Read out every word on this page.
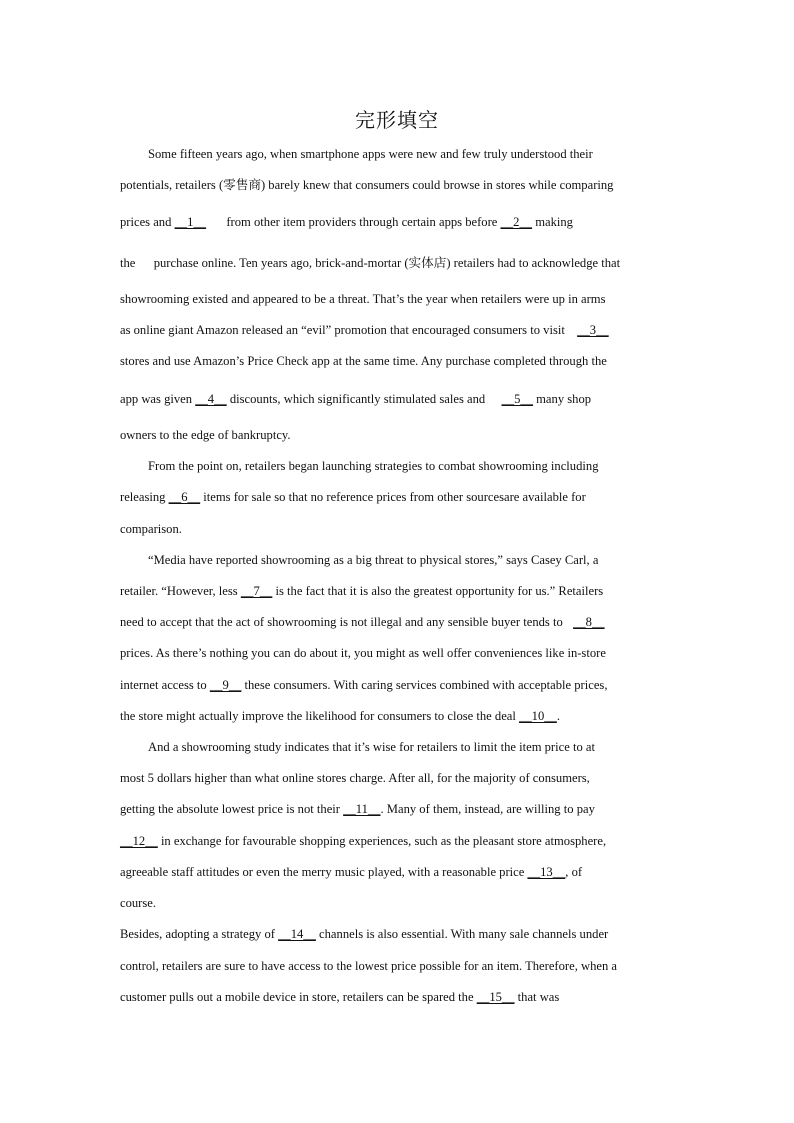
完形填空
Some fifteen years ago, when smartphone apps were new and few truly understood their
potentials, retailers (零售商) barely knew that consumers could browse in stores while comparing
prices and __1__ from other item providers through certain apps before __2__ making
the purchase online. Ten years ago, brick-and-mortar (实体店) retailers had to acknowledge that
showrooming existed and appeared to be a threat. That’s the year when retailers were up in arms
as online giant Amazon released an “evil” promotion that encouraged consumers to visit __3__
stores and use Amazon’s Price Check app at the same time. Any purchase completed through the
app was given __4__ discounts, which significantly stimulated sales and __5__ many shop
owners to the edge of bankruptcy.
From the point on, retailers began launching strategies to combat showrooming including
releasing __6__ items for sale so that no reference prices from other sourcesare available for
comparison.
“Media have reported showrooming as a big threat to physical stores,” says Casey Carl, a
retailer. “However, less __7__ is the fact that it is also the greatest opportunity for us.” Retailers
need to accept that the act of showrooming is not illegal and any sensible buyer tends to __8__
prices. As there’s nothing you can do about it, you might as well offer conveniences like in-store
internet access to __9__ these consumers. With caring services combined with acceptable prices,
the store might actually improve the likelihood for consumers to close the deal __10__.
And a showrooming study indicates that it’s wise for retailers to limit the item price to at
most 5 dollars higher than what online stores charge. After all, for the majority of consumers,
getting the absolute lowest price is not their __11__. Many of them, instead, are willing to pay
__12__ in exchange for favourable shopping experiences, such as the pleasant store atmosphere,
agreeable staff attitudes or even the merry music played, with a reasonable price __13__, of
course.
Besides, adopting a strategy of __14__ channels is also essential. With many sale channels under
control, retailers are sure to have access to the lowest price possible for an item. Therefore, when a
customer pulls out a mobile device in store, retailers can be spared the __15__ that was
